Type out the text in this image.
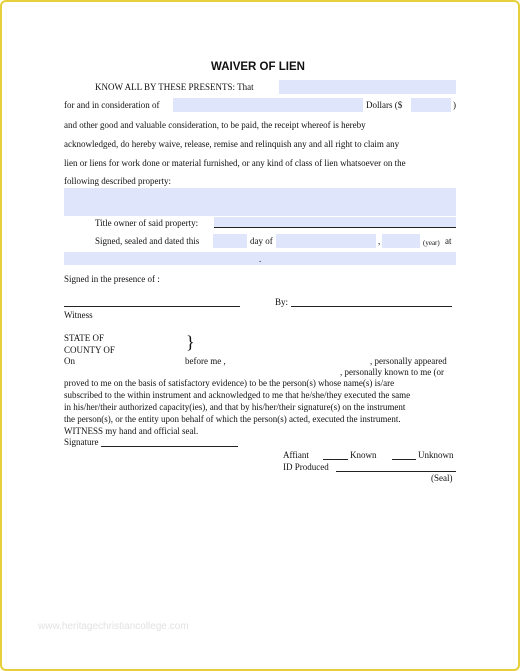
WAIVER OF LIEN
KNOW ALL BY THESE PRESENTS: That
for and in consideration of	Dollars ($	)
and other good and valuable consideration, to be paid, the receipt whereof is hereby
acknowledged, do hereby waive, release, remise and relinquish any and all right to claim any
lien or liens for work done or material furnished, or any kind of class of lien whatsoever on the
following described property:
Title owner of said property:
Signed, sealed and dated this	day of	,	(year) at
.
Signed in the presence of :
By:
Witness
STATE OF
COUNTY OF	}
On	before me ,	, personally appeared
, personally known to me (or
proved to me on the basis of satisfactory evidence) to be the person(s) whose name(s) is/are
subscribed to the within instrument and acknowledged to me that he/she/they executed the same
in his/her/their authorized capacity(ies), and that by his/her/their signature(s) on the instrument
the person(s), or the entity upon behalf of which the person(s) acted, executed the instrument.
WITNESS my hand and official seal.
Signature
Affiant	Known	Unknown
ID Produced
(Seal)
www.heritagechristiancollege.com
